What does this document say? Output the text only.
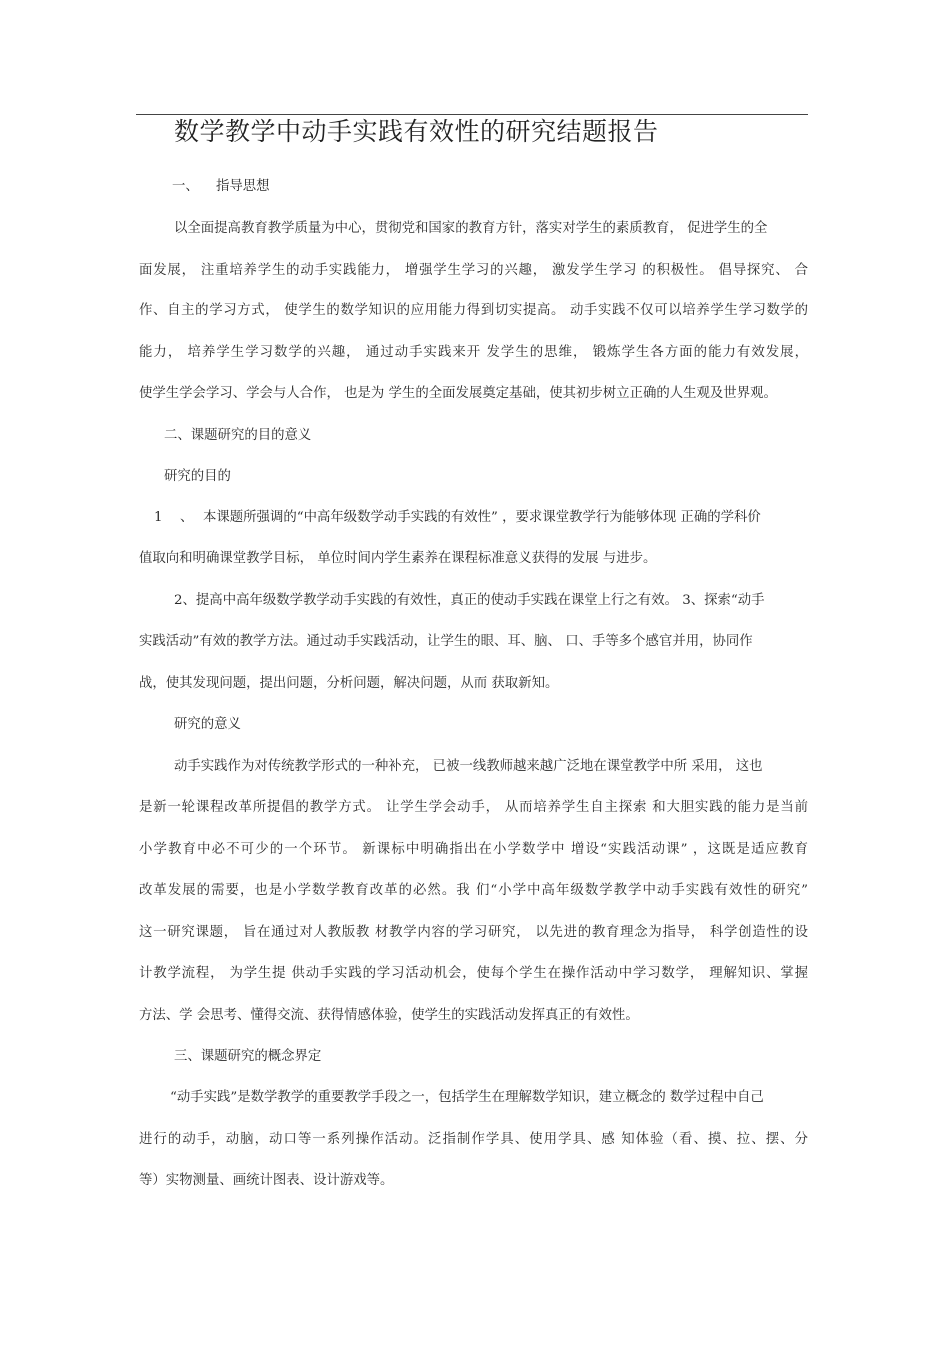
数学教学中动手实践有效性的研究结题报告

一、 指导思想

以全面提高教育教学质量为中心，贯彻党和国家的教育方针，落实对学生的素质教育， 促进学生的全

面发展， 注重培养学生的动手实践能力， 增强学生学习的兴趣， 激发学生学习 的积极性。 倡导探究、 合

作、自主的学习方式， 使学生的数学知识的应用能力得到切实提高。 动手实践不仅可以培养学生学习数学的

能力， 培养学生学习数学的兴趣， 通过动手实践来开 发学生的思维， 锻炼学生各方面的能力有效发展，

使学生学会学习、学会与人合作， 也是为 学生的全面发展奠定基础，使其初步树立正确的人生观及世界观。

二、课题研究的目的意义

研究的目的

1 、 本课题所强调的“中高年级数学动手实践的有效性” ，要求课堂教学行为能够体现 正确的学科价

值取向和明确课堂教学目标， 单位时间内学生素养在课程标准意义获得的发展 与进步。

2、提高中高年级数学教学动手实践的有效性，真正的使动手实践在课堂上行之有效。 3、探索“动手

实践活动”有效的教学方法。通过动手实践活动，让学生的眼、耳、脑、 口、手等多个感官并用，协同作

战，使其发现问题，提出问题，分析问题，解决问题，从而 获取新知。

研究的意义

动手实践作为对传统教学形式的一种补充， 已被一线教师越来越广泛地在课堂教学中所 采用， 这也

是新一轮课程改革所提倡的教学方式。 让学生学会动手， 从而培养学生自主探索 和大胆实践的能力是当前

小学教育中必不可少的一个环节。 新课标中明确指出在小学数学中 增设“实践活动课” ，这既是适应教育

改革发展的需要，也是小学数学教育改革的必然。我 们“小学中高年级数学教学中动手实践有效性的研究”

这一研究课题， 旨在通过对人教版教 材教学内容的学习研究， 以先进的教育理念为指导， 科学创造性的设

计教学流程， 为学生提 供动手实践的学习活动机会，使每个学生在操作活动中学习数学， 理解知识、掌握

方法、学 会思考、懂得交流、获得情感体验，使学生的实践活动发挥真正的有效性。

三、课题研究的概念界定

“动手实践”是数学教学的重要教学手段之一，包括学生在理解数学知识，建立概念的 数学过程中自己

进行的动手，动脑，动口等一系列操作活动。泛指制作学具、使用学具、感 知体验（看、摸、拉、摆、分

等）实物测量、画统计图表、设计游戏等。
